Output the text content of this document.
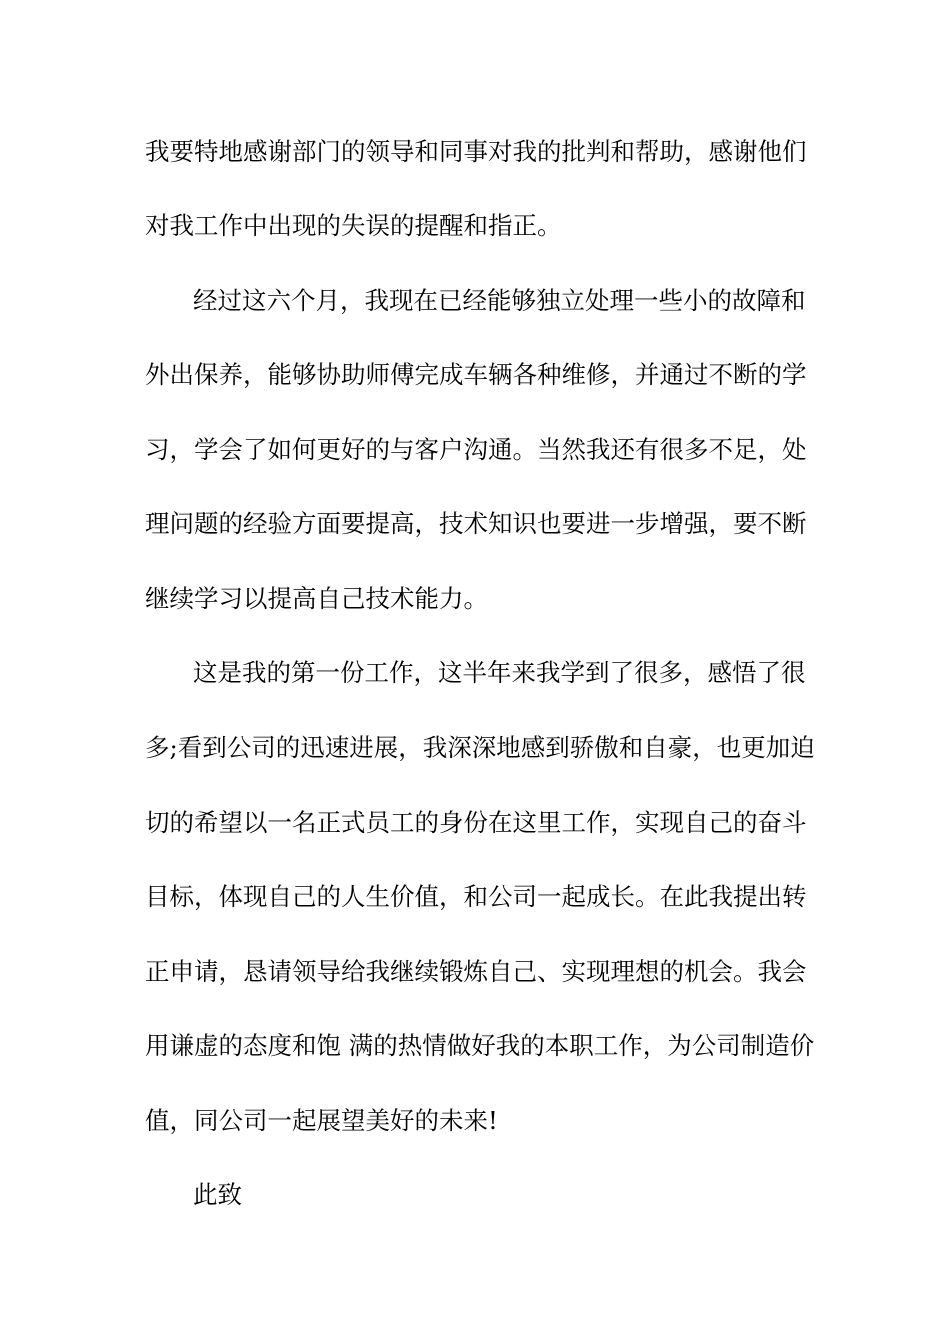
我要特地感谢部门的领导和同事对我的批判和帮助，感谢他们
对我工作中出现的失误的提醒和指正。
经过这六个月，我现在已经能够独立处理一些小的故障和
外出保养，能够协助师傅完成车辆各种维修，并通过不断的学
习，学会了如何更好的与客户沟通。当然我还有很多不足，处
理问题的经验方面要提高，技术知识也要进一步增强，要不断
继续学习以提高自己技术能力。
这是我的第一份工作，这半年来我学到了很多，感悟了很
多;看到公司的迅速进展，我深深地感到骄傲和自豪，也更加迫
切的希望以一名正式员工的身份在这里工作，实现自己的奋斗
目标，体现自己的人生价值，和公司一起成长。在此我提出转
正申请，恳请领导给我继续锻炼自己、实现理想的机会。我会
用谦虚的态度和饱 满的热情做好我的本职工作，为公司制造价
值，同公司一起展望美好的未来!
此致
